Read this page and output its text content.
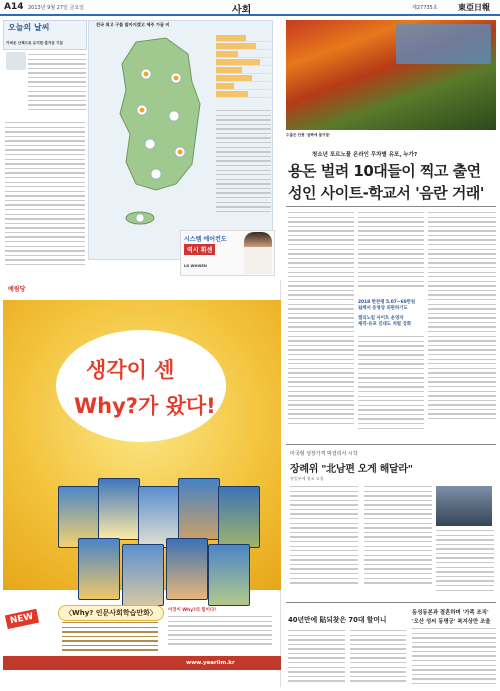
A14 2013년 9월 27일 금요일	사회	제27735호	東亞日報
오늘의 날씨
가벼운 산책으로 유지한 즐거운 기분
전국 최고 구름 많아지겠고 제주 가끔 비
시스템 에어컨도
역시 휘센
LG WHISEN
수줍은 단풍 '살짝에 물아들'
청소년 포르노물 온라인 무차별 유포, 누가?
용돈 벌려 10대들이 찍고 출연
성인 사이트-학교서 '음란 거래'
2018 한찬평 5.07~60만원
쉽케서 동영상 외판하기도
캘리노킬 사이트 운영자
제작-유포 인대도 처벌 강화
미국형 성장가격 막걸리서 시작
장례위 "北남편 오게 해달라"
통일부에 협조 요청
40년만에 貼되찾은 70대 할머니
동성동본과 결혼하며 '가족 조직'
'오산 성씨 동명궁' 복지상만 조울
예림당
생각이 센
Why?가 왔다!
NEW	〈Why? 인문사회학습만화〉	이것이 Why?의 힘이다!
www.yearlim.kr
